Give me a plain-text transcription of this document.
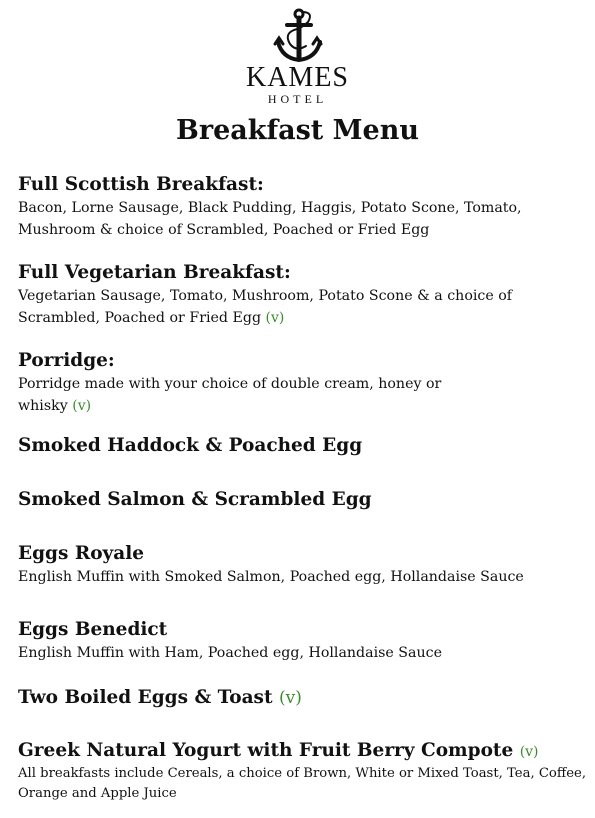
KAMES
HOTEL
Breakfast Menu
Full Scottish Breakfast:
Bacon, Lorne Sausage, Black Pudding, Haggis, Potato Scone, Tomato, Mushroom & choice of Scrambled, Poached or Fried Egg
Full Vegetarian Breakfast:
Vegetarian Sausage, Tomato, Mushroom, Potato Scone & a choice of Scrambled, Poached or Fried Egg (v)
Porridge:
Porridge made with your choice of double cream, honey or whisky (v)
Smoked Haddock & Poached Egg
Smoked Salmon & Scrambled Egg
Eggs Royale
English Muffin with Smoked Salmon, Poached egg, Hollandaise Sauce
Eggs Benedict
English Muffin with Ham, Poached egg, Hollandaise Sauce
Two Boiled Eggs & Toast (v)
Greek Natural Yogurt with Fruit Berry Compote (v)
All breakfasts include Cereals, a choice of Brown, White or Mixed Toast, Tea, Coffee, Orange and Apple Juice
